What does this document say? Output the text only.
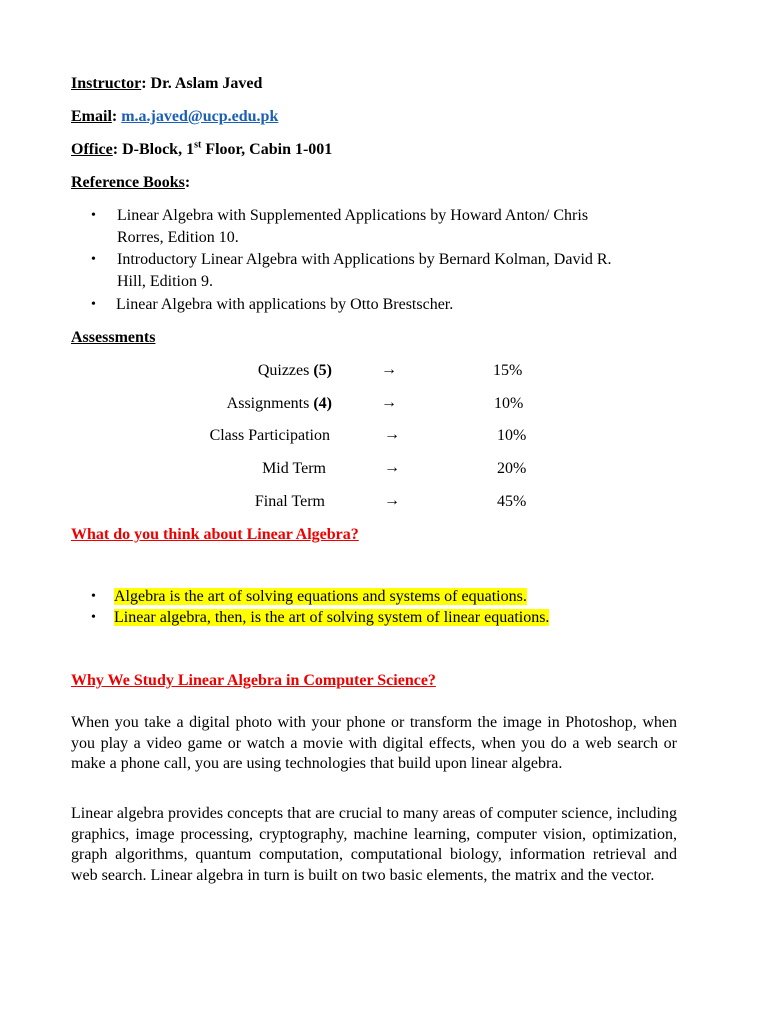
Instructor: Dr. Aslam Javed
Email: m.a.javed@ucp.edu.pk
Office: D-Block, 1st Floor, Cabin 1-001
Reference Books:
• Linear Algebra with Supplemented Applications by Howard Anton/ Chris
Rorres, Edition 10.
• Introductory Linear Algebra with Applications by Bernard Kolman, David R.
Hill, Edition 9.
• Linear Algebra with applications by Otto Brestscher.
Assessments
Quizzes (5)	→	15%
Assignments (4)	→	10%
Class Participation	→	10%
Mid Term	→	20%
Final Term	→	45%
What do you think about Linear Algebra?
• Algebra is the art of solving equations and systems of equations.
• Linear algebra, then, is the art of solving system of linear equations.
Why We Study Linear Algebra in Computer Science?
When you take a digital photo with your phone or transform the image in Photoshop, when you play a video game or watch a movie with digital effects, when you do a web search or make a phone call, you are using technologies that build upon linear algebra.
Linear algebra provides concepts that are crucial to many areas of computer science, including graphics, image processing, cryptography, machine learning, computer vision, optimization, graph algorithms, quantum computation, computational biology, information retrieval and web search. Linear algebra in turn is built on two basic elements, the matrix and the vector.
